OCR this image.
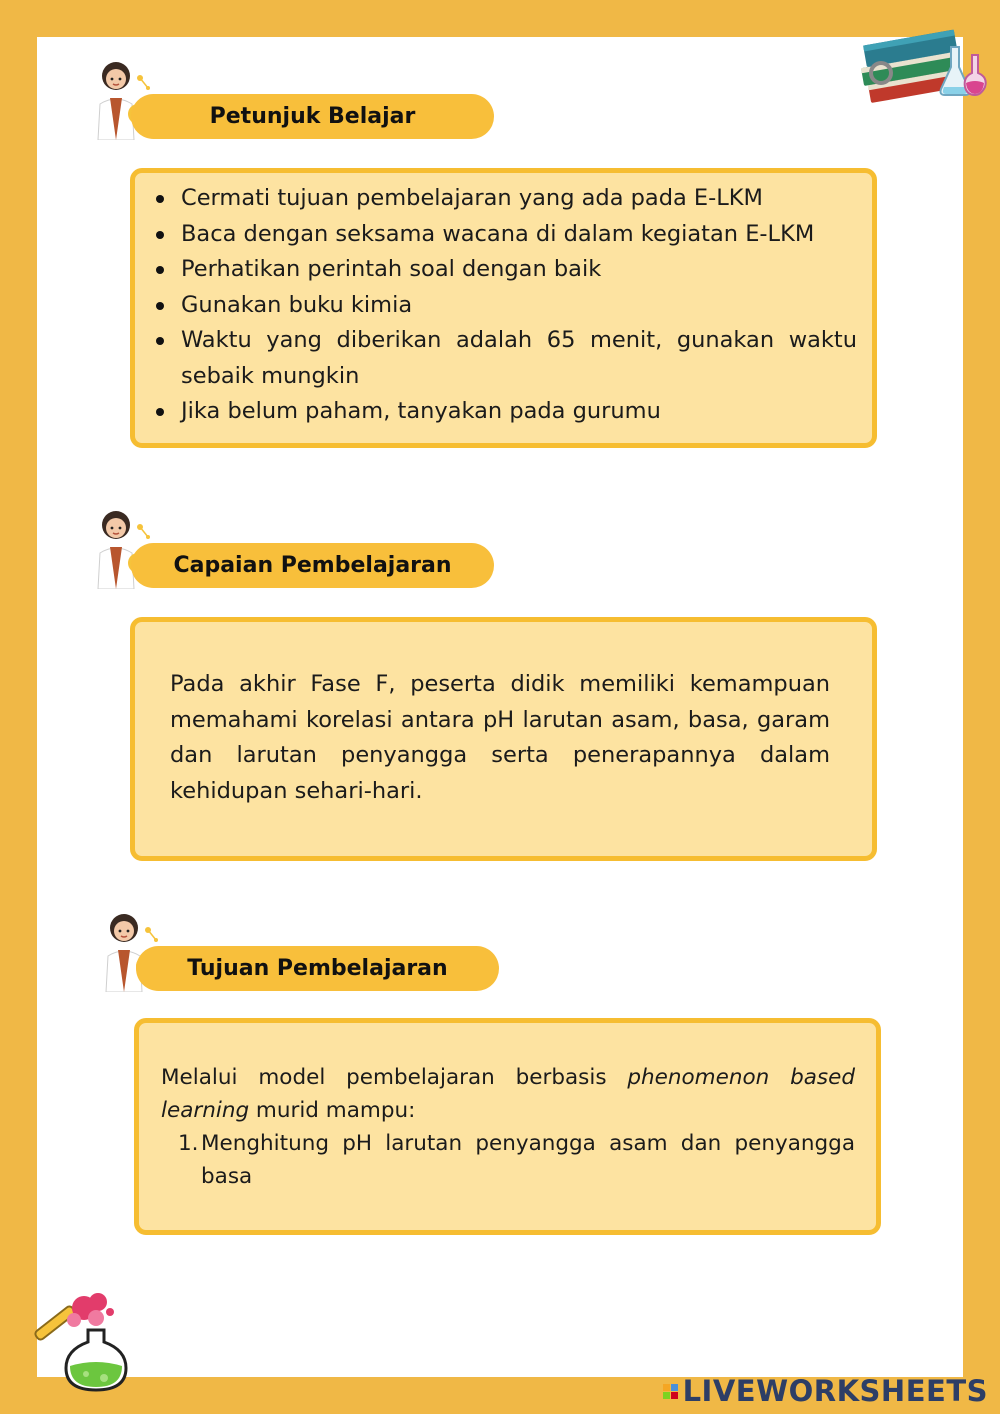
Petunjuk Belajar
Cermati tujuan pembelajaran yang ada pada E-LKM
Baca dengan seksama wacana di dalam kegiatan E-LKM
Perhatikan perintah soal dengan baik
Gunakan buku kimia
Waktu yang diberikan adalah 65 menit, gunakan waktu sebaik mungkin
Jika belum paham, tanyakan pada gurumu
Capaian Pembelajaran

Pada akhir Fase F, peserta didik memiliki kemampuan memahami korelasi antara pH larutan asam, basa, garam dan larutan penyangga serta penerapannya dalam kehidupan sehari-hari.

Tujuan Pembelajaran

Melalui model pembelajaran berbasis phenomenon based learning murid mampu:

1. Menghitung pH larutan penyangga asam dan penyangga basa
LIVEWORKSHEETS
